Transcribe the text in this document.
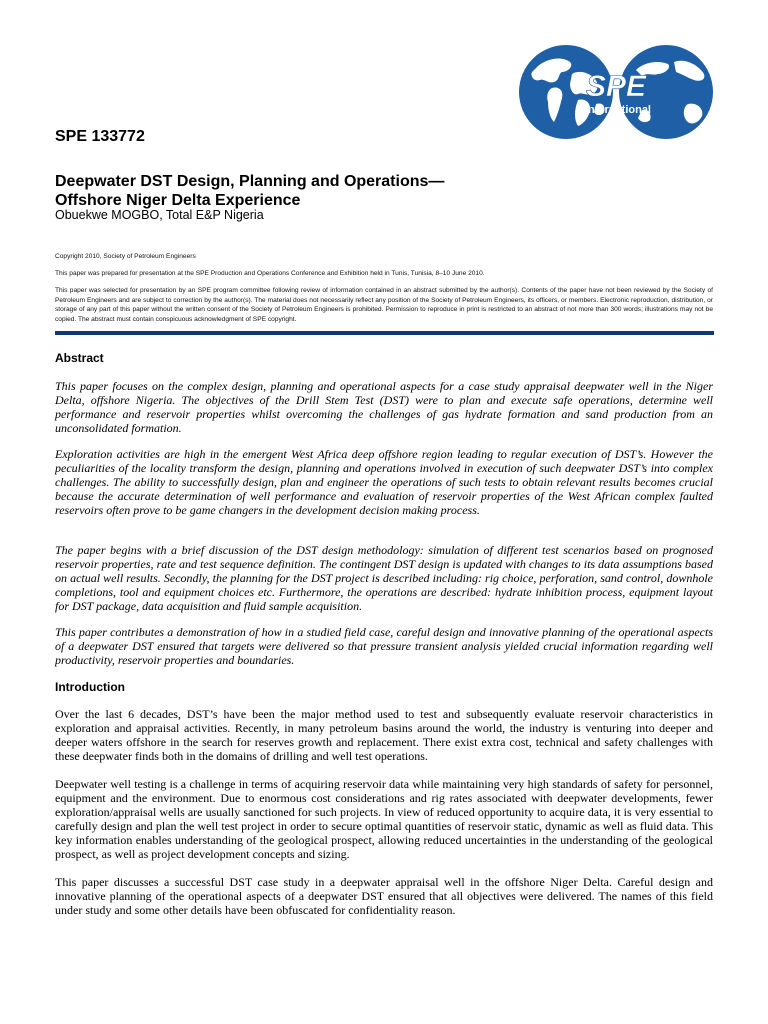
SPE
International

SPE 133772

Deepwater DST Design, Planning and Operations—
Offshore Niger Delta Experience

Obuekwe MOGBO, Total E&P Nigeria

Copyright 2010, Society of Petroleum Engineers

This paper was prepared for presentation at the SPE Production and Operations Conference and Exhibition held in Tunis, Tunisia, 8–10 June 2010.

This paper was selected for presentation by an SPE program committee following review of information contained in an abstract submitted by the author(s). Contents of the paper have not been reviewed by the Society of Petroleum Engineers and are subject to correction by the author(s). The material does not necessarily reflect any position of the Society of Petroleum Engineers, its officers, or members. Electronic reproduction, distribution, or storage of any part of this paper without the written consent of the Society of Petroleum Engineers is prohibited. Permission to reproduce in print is restricted to an abstract of not more than 300 words; illustrations may not be copied. The abstract must contain conspicuous acknowledgment of SPE copyright.

Abstract

This paper focuses on the complex design, planning and operational aspects for a case study appraisal deepwater well in the Niger Delta, offshore Nigeria. The objectives of the Drill Stem Test (DST) were to plan and execute safe operations, determine well performance and reservoir properties whilst overcoming the challenges of gas hydrate formation and sand production from an unconsolidated formation.

Exploration activities are high in the emergent West Africa deep offshore region leading to regular execution of DST’s. However the peculiarities of the locality transform the design, planning and operations involved in execution of such deepwater DST’s into complex challenges. The ability to successfully design, plan and engineer the operations of such tests to obtain relevant results becomes crucial because the accurate determination of well performance and evaluation of reservoir properties of the West African complex faulted reservoirs often prove to be game changers in the development decision making process.

The paper begins with a brief discussion of the DST design methodology: simulation of different test scenarios based on prognosed reservoir properties, rate and test sequence definition. The contingent DST design is updated with changes to its data assumptions based on actual well results. Secondly, the planning for the DST project is described including: rig choice, perforation, sand control, downhole completions, tool and equipment choices etc. Furthermore, the operations are described: hydrate inhibition process, equipment layout for DST package, data acquisition and fluid sample acquisition.

This paper contributes a demonstration of how in a studied field case, careful design and innovative planning of the operational aspects of a deepwater DST ensured that targets were delivered so that pressure transient analysis yielded crucial information regarding well productivity, reservoir properties and boundaries.

Introduction

Over the last 6 decades, DST’s have been the major method used to test and subsequently evaluate reservoir characteristics in exploration and appraisal activities. Recently, in many petroleum basins around the world, the industry is venturing into deeper and deeper waters offshore in the search for reserves growth and replacement. There exist extra cost, technical and safety challenges with these deepwater finds both in the domains of drilling and well test operations.

Deepwater well testing is a challenge in terms of acquiring reservoir data while maintaining very high standards of safety for personnel, equipment and the environment. Due to enormous cost considerations and rig rates associated with deepwater developments, fewer exploration/appraisal wells are usually sanctioned for such projects. In view of reduced opportunity to acquire data, it is very essential to carefully design and plan the well test project in order to secure optimal quantities of reservoir static, dynamic as well as fluid data. This key information enables understanding of the geological prospect, allowing reduced uncertainties in the understanding of the geological prospect, as well as project development concepts and sizing.

This paper discusses a successful DST case study in a deepwater appraisal well in the offshore Niger Delta. Careful design and innovative planning of the operational aspects of a deepwater DST ensured that all objectives were delivered. The names of this field under study and some other details have been obfuscated for confidentiality reason.
